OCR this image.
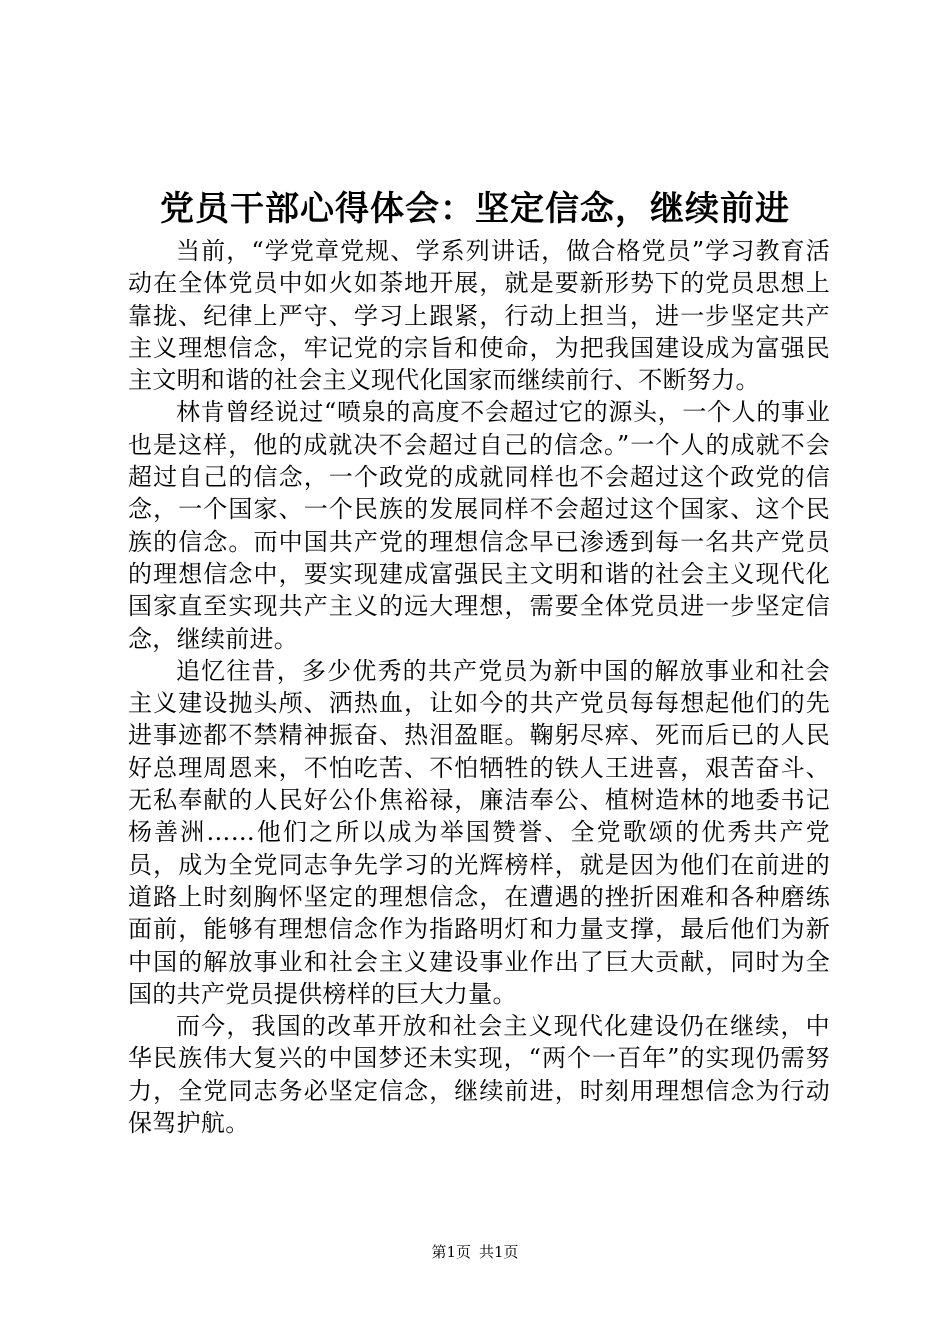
党员干部心得体会：坚定信念，继续前进

当前，“学党章党规、学系列讲话，做合格党员”学习教育活动在全体党员中如火如荼地开展，就是要新形势下的党员思想上靠拢、纪律上严守、学习上跟紧，行动上担当，进一步坚定共产主义理想信念，牢记党的宗旨和使命，为把我国建设成为富强民主文明和谐的社会主义现代化国家而继续前行、不断努力。

林肯曾经说过“喷泉的高度不会超过它的源头，一个人的事业也是这样，他的成就决不会超过自己的信念。”一个人的成就不会超过自己的信念，一个政党的成就同样也不会超过这个政党的信念，一个国家、一个民族的发展同样不会超过这个国家、这个民族的信念。而中国共产党的理想信念早已渗透到每一名共产党员的理想信念中，要实现建成富强民主文明和谐的社会主义现代化国家直至实现共产主义的远大理想，需要全体党员进一步坚定信念，继续前进。

追忆往昔，多少优秀的共产党员为新中国的解放事业和社会主义建设抛头颅、洒热血，让如今的共产党员每每想起他们的先进事迹都不禁精神振奋、热泪盈眶。鞠躬尽瘁、死而后已的人民好总理周恩来，不怕吃苦、不怕牺牲的铁人王进喜，艰苦奋斗、无私奉献的人民好公仆焦裕禄，廉洁奉公、植树造林的地委书记杨善洲……他们之所以成为举国赞誉、全党歌颂的优秀共产党员，成为全党同志争先学习的光辉榜样，就是因为他们在前进的道路上时刻胸怀坚定的理想信念，在遭遇的挫折困难和各种磨练面前，能够有理想信念作为指路明灯和力量支撑，最后他们为新中国的解放事业和社会主义建设事业作出了巨大贡献，同时为全国的共产党员提供榜样的巨大力量。

而今，我国的改革开放和社会主义现代化建设仍在继续，中华民族伟大复兴的中国梦还未实现，“两个一百年”的实现仍需努力，全党同志务必坚定信念，继续前进，时刻用理想信念为行动保驾护航。

第1页 共1页
